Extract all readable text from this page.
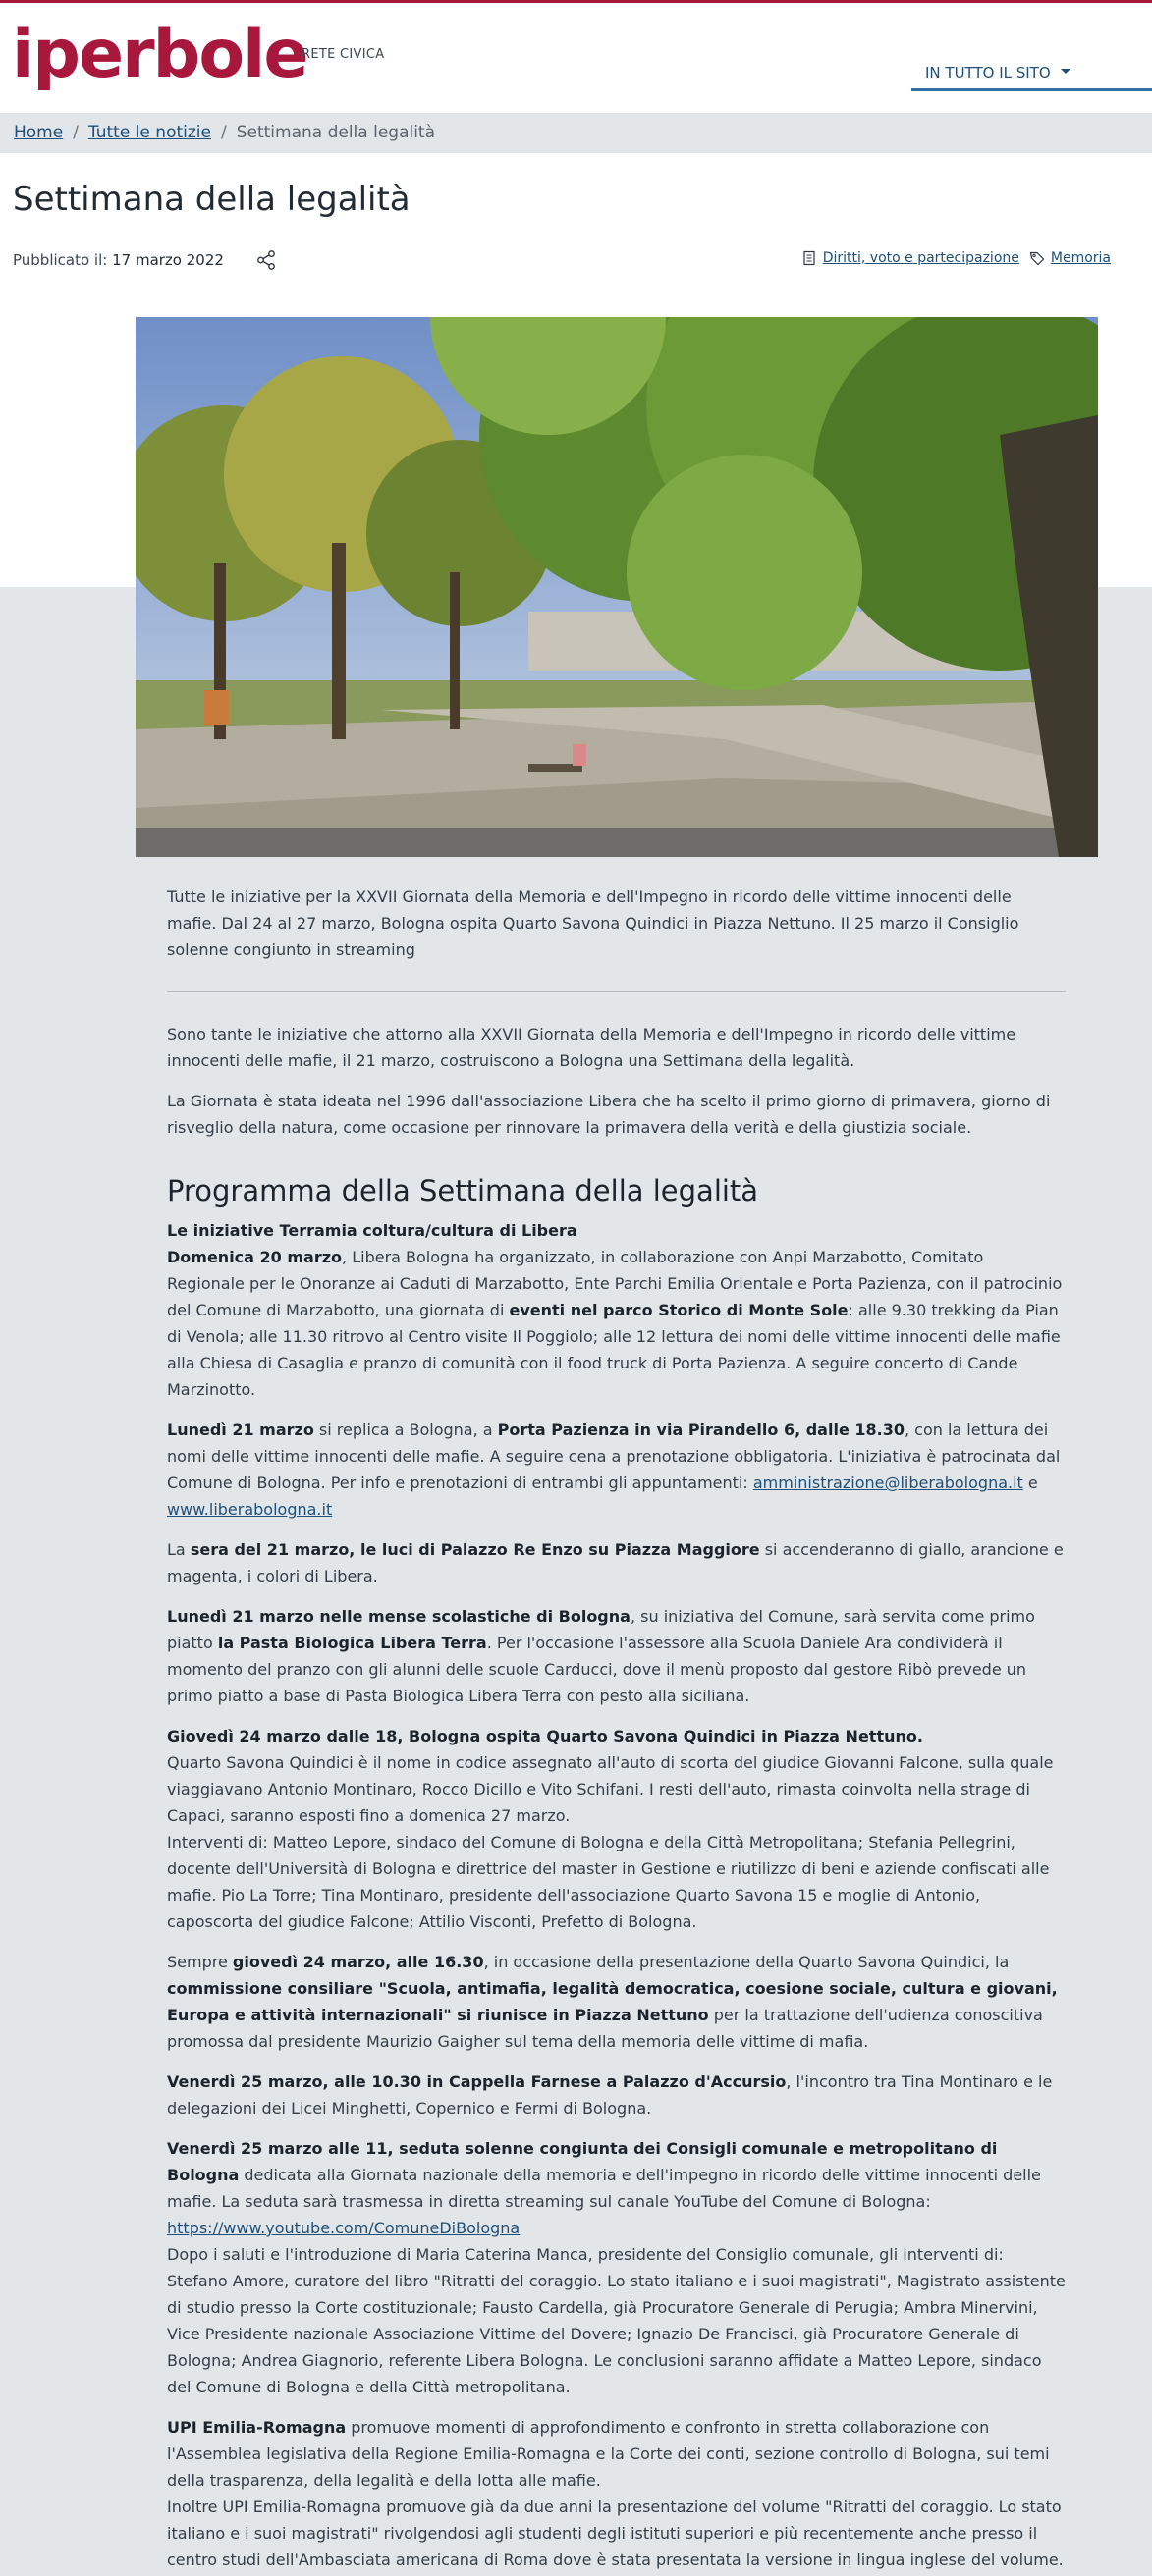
iperbole
RETE CIVICA
IN TUTTO IL SITO
Home / Tutte le notizie / Settimana della legalità
Settimana della legalità
Pubblicato il: 17 marzo 2022	Diritti, voto e partecipazione Memoria

Tutte le iniziative per la XXVII Giornata della Memoria e dell'Impegno in ricordo delle vittime innocenti delle mafie. Dal 24 al 27 marzo, Bologna ospita Quarto Savona Quindici in Piazza Nettuno. Il 25 marzo il Consiglio solenne congiunto in streaming

Sono tante le iniziative che attorno alla XXVII Giornata della Memoria e dell'Impegno in ricordo delle vittime innocenti delle mafie, il 21 marzo, costruiscono a Bologna una Settimana della legalità.

La Giornata è stata ideata nel 1996 dall'associazione Libera che ha scelto il primo giorno di primavera, giorno di risveglio della natura, come occasione per rinnovare la primavera della verità e della giustizia sociale.

Programma della Settimana della legalità

Le iniziative Terramia coltura/cultura di Libera
Domenica 20 marzo, Libera Bologna ha organizzato, in collaborazione con Anpi Marzabotto, Comitato Regionale per le Onoranze ai Caduti di Marzabotto, Ente Parchi Emilia Orientale e Porta Pazienza, con il patrocinio del Comune di Marzabotto, una giornata di eventi nel parco Storico di Monte Sole: alle 9.30 trekking da Pian di Venola; alle 11.30 ritrovo al Centro visite Il Poggiolo; alle 12 lettura dei nomi delle vittime innocenti delle mafie alla Chiesa di Casaglia e pranzo di comunità con il food truck di Porta Pazienza. A seguire concerto di Cande Marzinotto.

Lunedì 21 marzo si replica a Bologna, a Porta Pazienza in via Pirandello 6, dalle 18.30, con la lettura dei nomi delle vittime innocenti delle mafie. A seguire cena a prenotazione obbligatoria. L'iniziativa è patrocinata dal Comune di Bologna. Per info e prenotazioni di entrambi gli appuntamenti: amministrazione@liberabologna.it e www.liberabologna.it

La sera del 21 marzo, le luci di Palazzo Re Enzo su Piazza Maggiore si accenderanno di giallo, arancione e magenta, i colori di Libera.

Lunedì 21 marzo nelle mense scolastiche di Bologna, su iniziativa del Comune, sarà servita come primo piatto la Pasta Biologica Libera Terra. Per l'occasione l'assessore alla Scuola Daniele Ara condividerà il momento del pranzo con gli alunni delle scuole Carducci, dove il menù proposto dal gestore Ribò prevede un primo piatto a base di Pasta Biologica Libera Terra con pesto alla siciliana.

Giovedì 24 marzo dalle 18, Bologna ospita Quarto Savona Quindici in Piazza Nettuno.
Quarto Savona Quindici è il nome in codice assegnato all'auto di scorta del giudice Giovanni Falcone, sulla quale viaggiavano Antonio Montinaro, Rocco Dicillo e Vito Schifani. I resti dell'auto, rimasta coinvolta nella strage di Capaci, saranno esposti fino a domenica 27 marzo.
Interventi di: Matteo Lepore, sindaco del Comune di Bologna e della Città Metropolitana; Stefania Pellegrini, docente dell'Università di Bologna e direttrice del master in Gestione e riutilizzo di beni e aziende confiscati alle mafie. Pio La Torre; Tina Montinaro, presidente dell'associazione Quarto Savona 15 e moglie di Antonio, caposcorta del giudice Falcone; Attilio Visconti, Prefetto di Bologna.

Sempre giovedì 24 marzo, alle 16.30, in occasione della presentazione della Quarto Savona Quindici, la commissione consiliare "Scuola, antimafia, legalità democratica, coesione sociale, cultura e giovani, Europa e attività internazionali" si riunisce in Piazza Nettuno per la trattazione dell'udienza conoscitiva promossa dal presidente Maurizio Gaigher sul tema della memoria delle vittime di mafia.

Venerdì 25 marzo, alle 10.30 in Cappella Farnese a Palazzo d'Accursio, l'incontro tra Tina Montinaro e le delegazioni dei Licei Minghetti, Copernico e Fermi di Bologna.

Venerdì 25 marzo alle 11, seduta solenne congiunta dei Consigli comunale e metropolitano di Bologna dedicata alla Giornata nazionale della memoria e dell'impegno in ricordo delle vittime innocenti delle mafie. La seduta sarà trasmessa in diretta streaming sul canale YouTube del Comune di Bologna: https://www.youtube.com/ComuneDiBologna
Dopo i saluti e l'introduzione di Maria Caterina Manca, presidente del Consiglio comunale, gli interventi di: Stefano Amore, curatore del libro "Ritratti del coraggio. Lo stato italiano e i suoi magistrati", Magistrato assistente di studio presso la Corte costituzionale; Fausto Cardella, già Procuratore Generale di Perugia; Ambra Minervini, Vice Presidente nazionale Associazione Vittime del Dovere; Ignazio De Francisci, già Procuratore Generale di Bologna; Andrea Giagnorio, referente Libera Bologna. Le conclusioni saranno affidate a Matteo Lepore, sindaco del Comune di Bologna e della Città metropolitana.

UPI Emilia-Romagna promuove momenti di approfondimento e confronto in stretta collaborazione con l'Assemblea legislativa della Regione Emilia-Romagna e la Corte dei conti, sezione controllo di Bologna, sui temi della trasparenza, della legalità e della lotta alle mafie.
Inoltre UPI Emilia-Romagna promuove già da due anni la presentazione del volume "Ritratti del coraggio. Lo stato italiano e i suoi magistrati" rivolgendosi agli studenti degli istituti superiori e più recentemente anche presso il centro studi dell'Ambasciata americana di Roma dove è stata presentata la versione in lingua inglese del volume.
